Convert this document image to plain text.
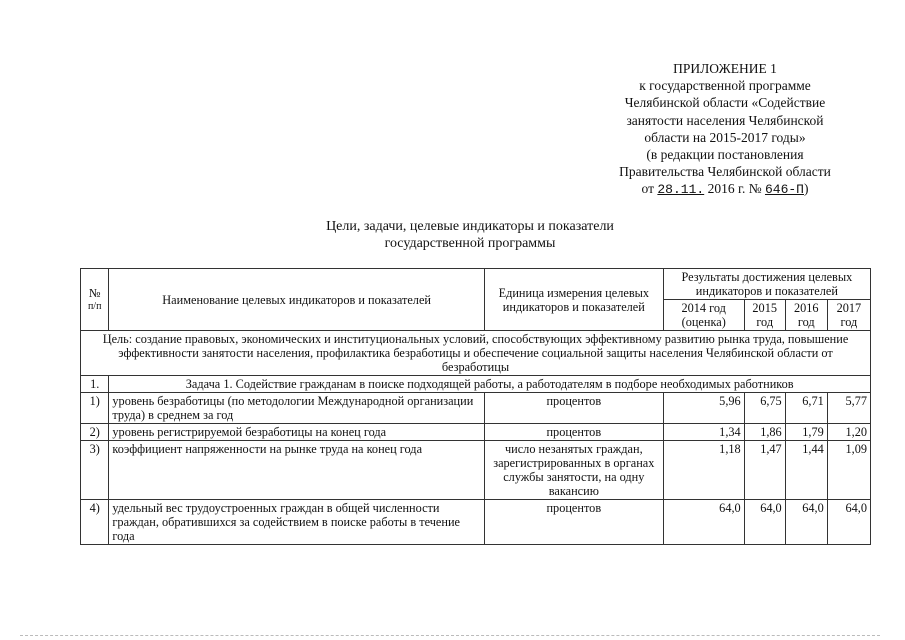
ПРИЛОЖЕНИЕ 1
к государственной программе
Челябинской области «Содействие
занятости населения Челябинской
области на 2015-2017 годы»
(в редакции постановления
Правительства Челябинской области
от 28.11. 2016 г. № 646-П)
Цели, задачи, целевые индикаторы и показатели
государственной программы
№
п/п	Наименование целевых индикаторов и показателей	Единица измерения целевых индикаторов и показателей	Результаты достижения целевых индикаторов и показателей			
			2014 год (оценка)	2015 год	2016 год	2017 год
Цель: создание правовых, экономических и институциональных условий, способствующих эффективному развитию рынка труда, повышение эффективности занятости населения, профилактика безработицы и обеспечение социальной защиты населения Челябинской области от безработицы						
1.	Задача 1. Содействие гражданам в поиске подходящей работы, а работодателям в подборе необходимых работников					
1)	уровень безработицы (по методологии Международной организации труда) в среднем за год	процентов	5,96	6,75	6,71	5,77
2)	уровень регистрируемой безработицы на конец года	процентов	1,34	1,86	1,79	1,20
3)	коэффициент напряженности на рынке труда на конец года	число незанятых граждан, зарегистрированных в органах службы занятости, на одну вакансию	1,18	1,47	1,44	1,09
4)	удельный вес трудоустроенных граждан в общей численности граждан, обратившихся за содействием в поиске работы в течение года	процентов	64,0	64,0	64,0	64,0
